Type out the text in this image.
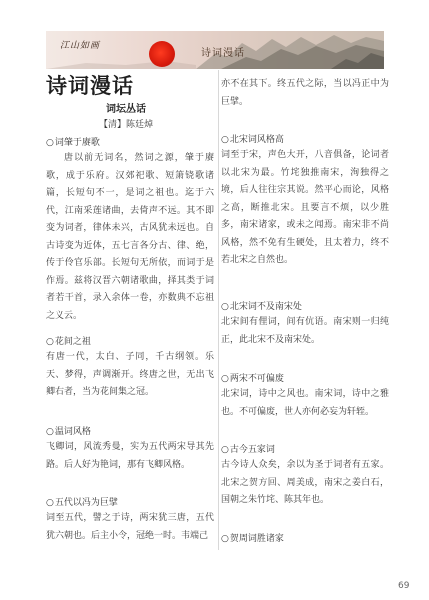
江山如画
诗词漫话
诗词漫话
词坛丛话
【清】陈廷焯

○词肇于赓歌

唐以前无词名，然词之源，肇于赓歌，成于乐府。汉郊祀歌、短箫铙歌诸篇，长短句不一，是词之祖也。迄于六代，江南采莲诸曲，去倚声不远。其不即变为词者，律体未兴，古风犹未远也。自古诗变为近体，五七言各分古、律、绝，传于伶官乐部。长短句无所依，而词于是作焉。兹将汉晋六朝诸歌曲，择其类于词者若干首，录入余体一卷，亦数典不忘祖之义云。

○花间之祖

有唐一代，太白、子同，千古纲领。乐天、梦得，声调渐开。终唐之世，无出飞卿右者，当为花间集之冠。

○温词风格

飞卿词，风流秀曼，实为五代两宋导其先路。后人好为艳词，那有飞卿风格。

○五代以冯为巨擘

词至五代，譬之于诗，两宋犹三唐，五代犹六朝也。后主小令，冠绝一时。韦端己

亦不在其下。终五代之际，当以冯正中为巨擘。

○北宋词风格高

词至于宋，声色大开，八音俱备，论词者以北宋为最。竹垞独推南宋，洵独得之境，后人往往宗其说。然平心而论，风格之高，断推北宋。且要言不烦，以少胜多，南宋诸家，或未之闻焉。南宋非不尚风格，然不免有生硬处，且太着力，终不若北宋之自然也。

○北宋词不及南宋处

北宋间有俚词，间有伉语。南宋则一归纯正，此北宋不及南宋处。

○两宋不可偏废

北宋词，诗中之风也。南宋词，诗中之雅也。不可偏废，世人亦何必妄为轩轾。

○古今五家词

古今诗人众矣，余以为圣于词者有五家。北宋之贺方回、周美成，南宋之姜白石，国朝之朱竹垞、陈其年也。

○贺周词胜诸家

69
